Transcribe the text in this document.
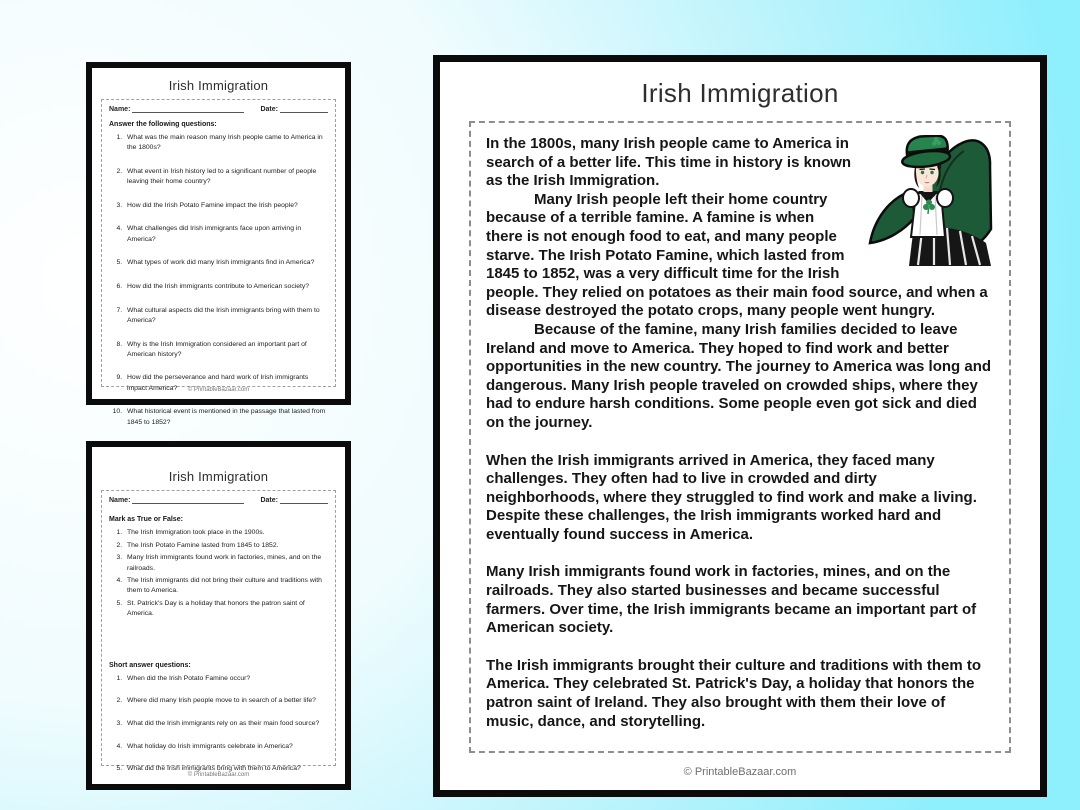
Irish Immigration
Name:	Date:
Answer the following questions:
1. What was the main reason many Irish people came to America in the 1800s?
2. What event in Irish history led to a significant number of people leaving their home country?
3. How did the Irish Potato Famine impact the Irish people?
4. What challenges did Irish immigrants face upon arriving in America?
5. What types of work did many Irish immigrants find in America?
6. How did the Irish immigrants contribute to American society?
7. What cultural aspects did the Irish immigrants bring with them to America?
8. Why is the Irish Immigration considered an important part of American history?
9. How did the perseverance and hard work of Irish immigrants impact America?
10. What historical event is mentioned in the passage that lasted from 1845 to 1852?
© PrintableBazaar.com
Irish Immigration
Name:	Date:
Mark as True or False:
1. The Irish Immigration took place in the 1900s.
2. The Irish Potato Famine lasted from 1845 to 1852.
3. Many Irish immigrants found work in factories, mines, and on the railroads.
4. The Irish immigrants did not bring their culture and traditions with them to America.
5. St. Patrick's Day is a holiday that honors the patron saint of America.
Short answer questions:
1. When did the Irish Potato Famine occur?
2. Where did many Irish people move to in search of a better life?
3. What did the Irish immigrants rely on as their main food source?
4. What holiday do Irish immigrants celebrate in America?
5. What did the Irish immigrants bring with them to America?
© PrintableBazaar.com
Irish Immigration

In the 1800s, many Irish people came to America in search of a better life. This time in history is known as the Irish Immigration.

Many Irish people left their home country because of a terrible famine. A famine is when there is not enough food to eat, and many people starve. The Irish Potato Famine, which lasted from 1845 to 1852, was a very difficult time for the Irish people. They relied on potatoes as their main food source, and when a disease destroyed the potato crops, many people went hungry.

Because of the famine, many Irish families decided to leave Ireland and move to America. They hoped to find work and better opportunities in the new country. The journey to America was long and dangerous. Many Irish people traveled on crowded ships, where they had to endure harsh conditions. Some people even got sick and died on the journey.

When the Irish immigrants arrived in America, they faced many challenges. They often had to live in crowded and dirty neighborhoods, where they struggled to find work and make a living. Despite these challenges, the Irish immigrants worked hard and eventually found success in America.

Many Irish immigrants found work in factories, mines, and on the railroads. They also started businesses and became successful farmers. Over time, the Irish immigrants became an important part of American society.

The Irish immigrants brought their culture and traditions with them to America. They celebrated St. Patrick's Day, a holiday that honors the patron saint of Ireland. They also brought with them their love of music, dance, and storytelling.

© PrintableBazaar.com
